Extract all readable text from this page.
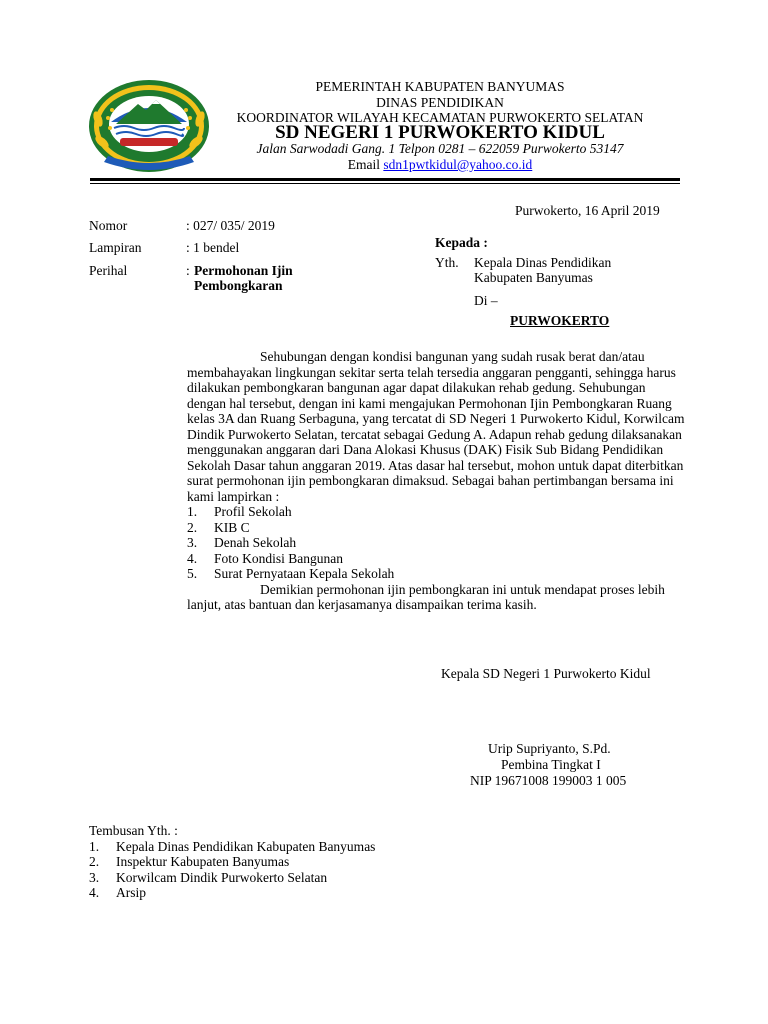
PEMERINTAH KABUPATEN BANYUMAS
DINAS PENDIDIKAN
KOORDINATOR WILAYAH KECAMATAN PURWOKERTO SELATAN
SD NEGERI 1 PURWOKERTO KIDUL
Jalan Sarwodadi Gang. 1 Telpon 0281 – 622059 Purwokerto 53147
Email sdn1pwtkidul@yahoo.co.id
Purwokerto, 16 April 2019
Nomor	: 027/ 035/ 2019
Lampiran	: 1 bendel
Perihal	: Permohonan Ijin
Pembongkaran
Kepada :
Yth. Kepala Dinas Pendidikan
Kabupaten Banyumas
Di –
PURWOKERTO

Sehubungan dengan kondisi bangunan yang sudah rusak berat dan/atau membahayakan lingkungan sekitar serta telah tersedia anggaran pengganti, sehingga harus dilakukan pembongkaran bangunan agar dapat dilakukan rehab gedung. Sehubungan dengan hal tersebut, dengan ini kami mengajukan Permohonan Ijin Pembongkaran Ruang kelas 3A dan Ruang Serbaguna, yang tercatat di SD Negeri 1 Purwokerto Kidul, Korwilcam Dindik Purwokerto Selatan, tercatat sebagai Gedung A. Adapun rehab gedung dilaksanakan menggunakan anggaran dari Dana Alokasi Khusus (DAK) Fisik Sub Bidang Pendidikan Sekolah Dasar tahun anggaran 2019. Atas dasar hal tersebut, mohon untuk dapat diterbitkan surat permohonan ijin pembongkaran dimaksud. Sebagai bahan pertimbangan bersama ini kami lampirkan :

1. Profil Sekolah
2. KIB C
3. Denah Sekolah
4. Foto Kondisi Bangunan
5. Surat Pernyataan Kepala Sekolah

Demikian permohonan ijin pembongkaran ini untuk mendapat proses lebih lanjut, atas bantuan dan kerjasamanya disampaikan terima kasih.

Kepala SD Negeri 1 Purwokerto Kidul
Urip Supriyanto, S.Pd.
Pembina Tingkat I
NIP 19671008 199003 1 005
Tembusan Yth. :
1. Kepala Dinas Pendidikan Kabupaten Banyumas
2. Inspektur Kabupaten Banyumas
3. Korwilcam Dindik Purwokerto Selatan
4. Arsip
